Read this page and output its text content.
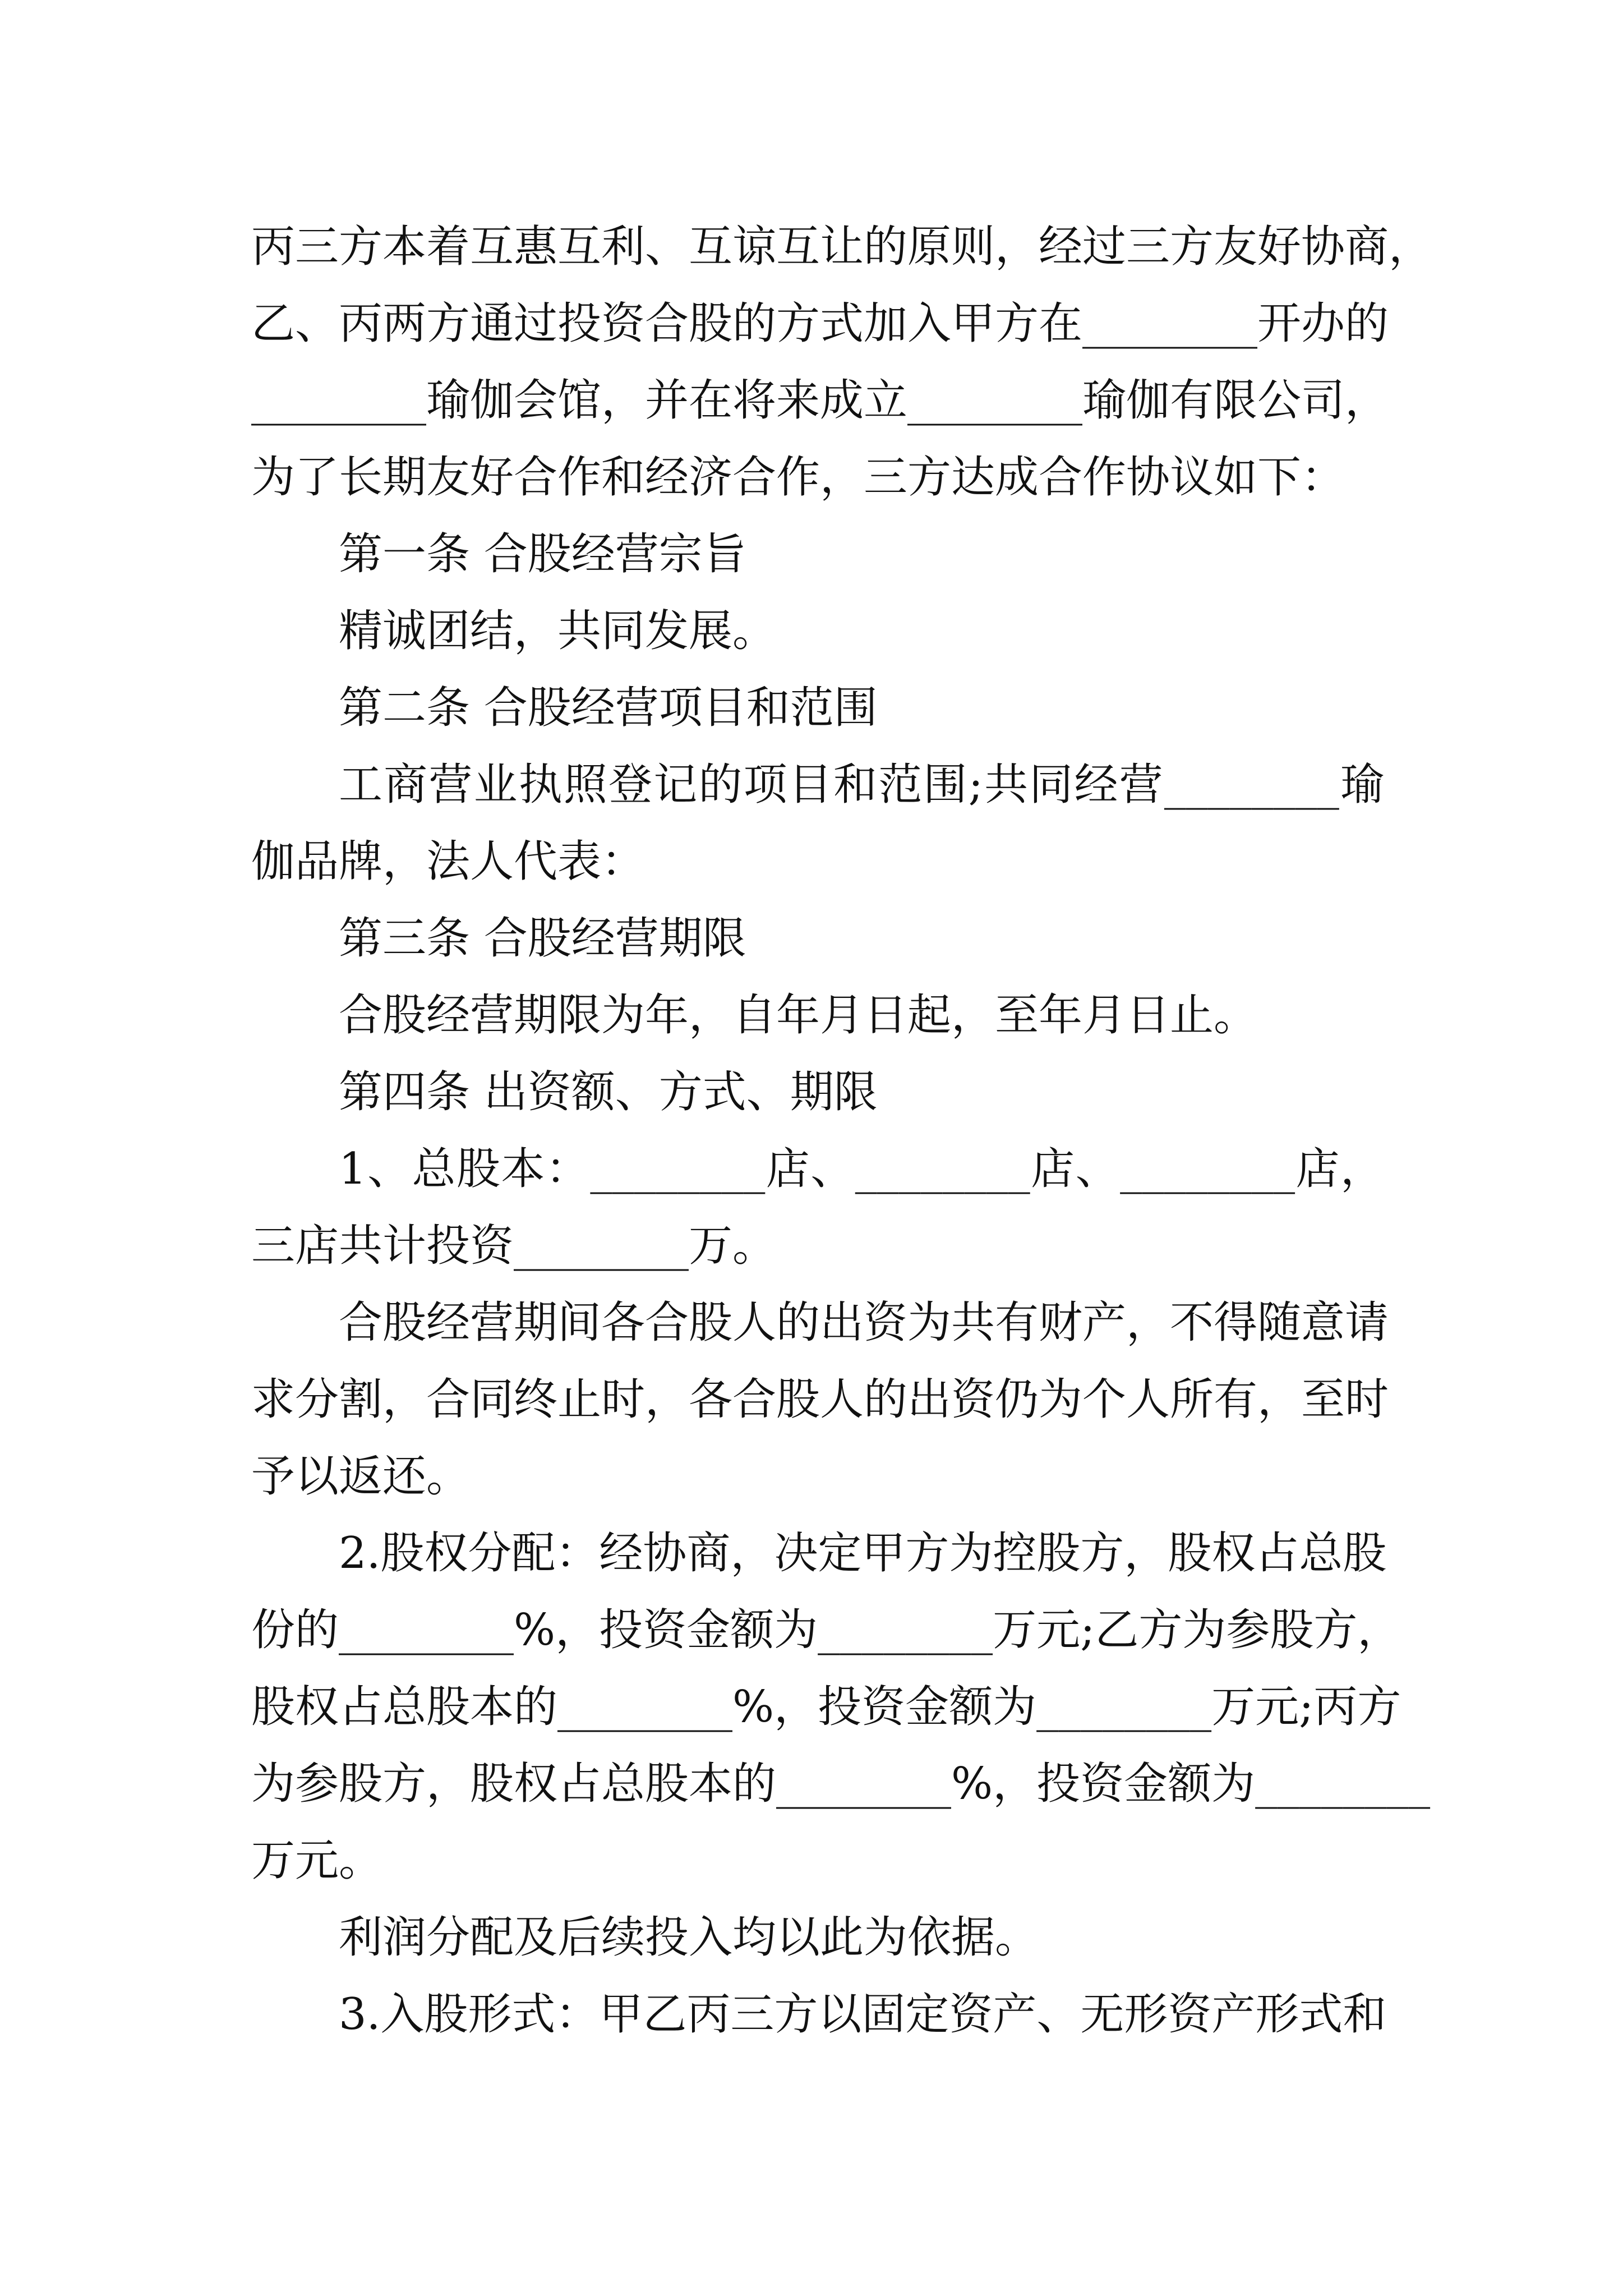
丙三方本着互惠互利、互谅互让的原则，经过三方友好协商，
乙、丙两方通过投资合股的方式加入甲方在________开办的
________瑜伽会馆，并在将来成立________瑜伽有限公司，
为了长期友好合作和经济合作，三方达成合作协议如下：
第一条 合股经营宗旨
精诚团结，共同发展。
第二条 合股经营项目和范围
工商营业执照登记的项目和范围;共同经营________瑜
伽品牌，法人代表：
第三条 合股经营期限
合股经营期限为年，自年月日起，至年月日止。
第四条 出资额、方式、期限
1、总股本：________店、________店、________店，
三店共计投资________万。
合股经营期间各合股人的出资为共有财产，不得随意请
求分割，合同终止时，各合股人的出资仍为个人所有，至时
予以返还。
2.股权分配：经协商，决定甲方为控股方，股权占总股
份的________%，投资金额为________万元;乙方为参股方，
股权占总股本的________%，投资金额为________万元;丙方
为参股方，股权占总股本的________%，投资金额为________
万元。
利润分配及后续投入均以此为依据。
3.入股形式：甲乙丙三方以固定资产、无形资产形式和
